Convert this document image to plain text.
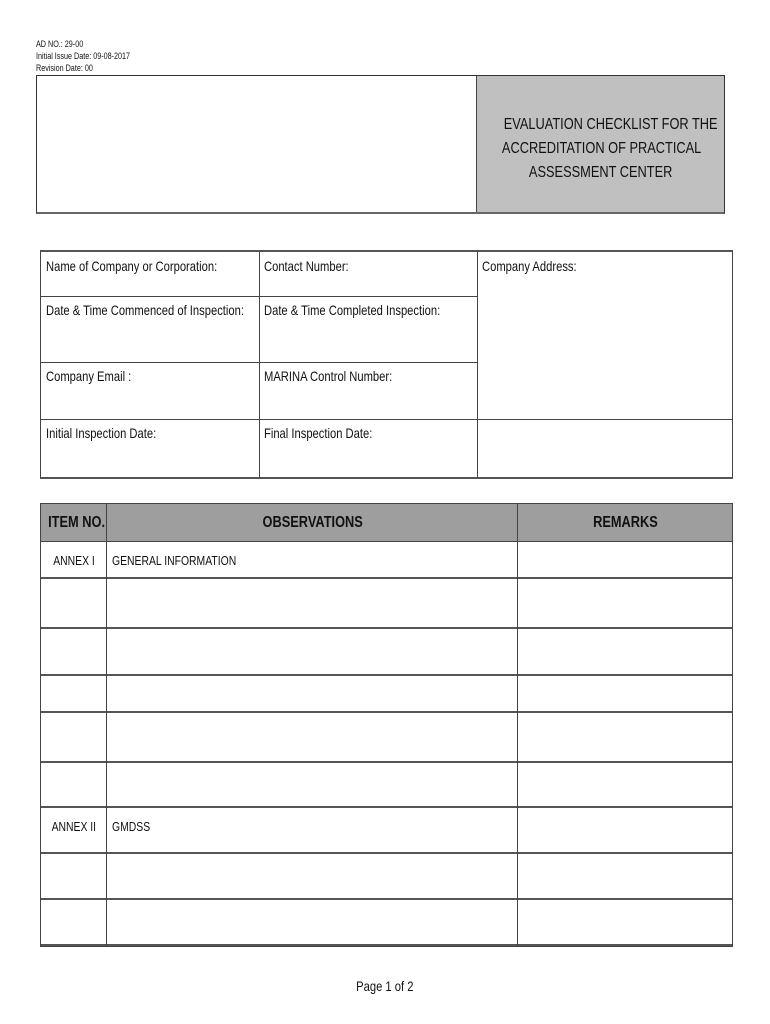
AD NO.: 29-00
Initial Issue Date: 09-08-2017
Revision Date: 00
EVALUATION CHECKLIST FOR THE
ACCREDITATION OF PRACTICAL
ASSESSMENT CENTER
Name of Company or Corporation:	Contact Number:	Company Address:
Date & Time Commenced of Inspection:	Date & Time Completed Inspection:
Company Email :	MARINA Control Number:
Initial Inspection Date:	Final Inspection Date:
ITEM NO.	OBSERVATIONS	REMARKS
ANNEX I	GENERAL INFORMATION
ANNEX II	GMDSS
Page 1 of 2
